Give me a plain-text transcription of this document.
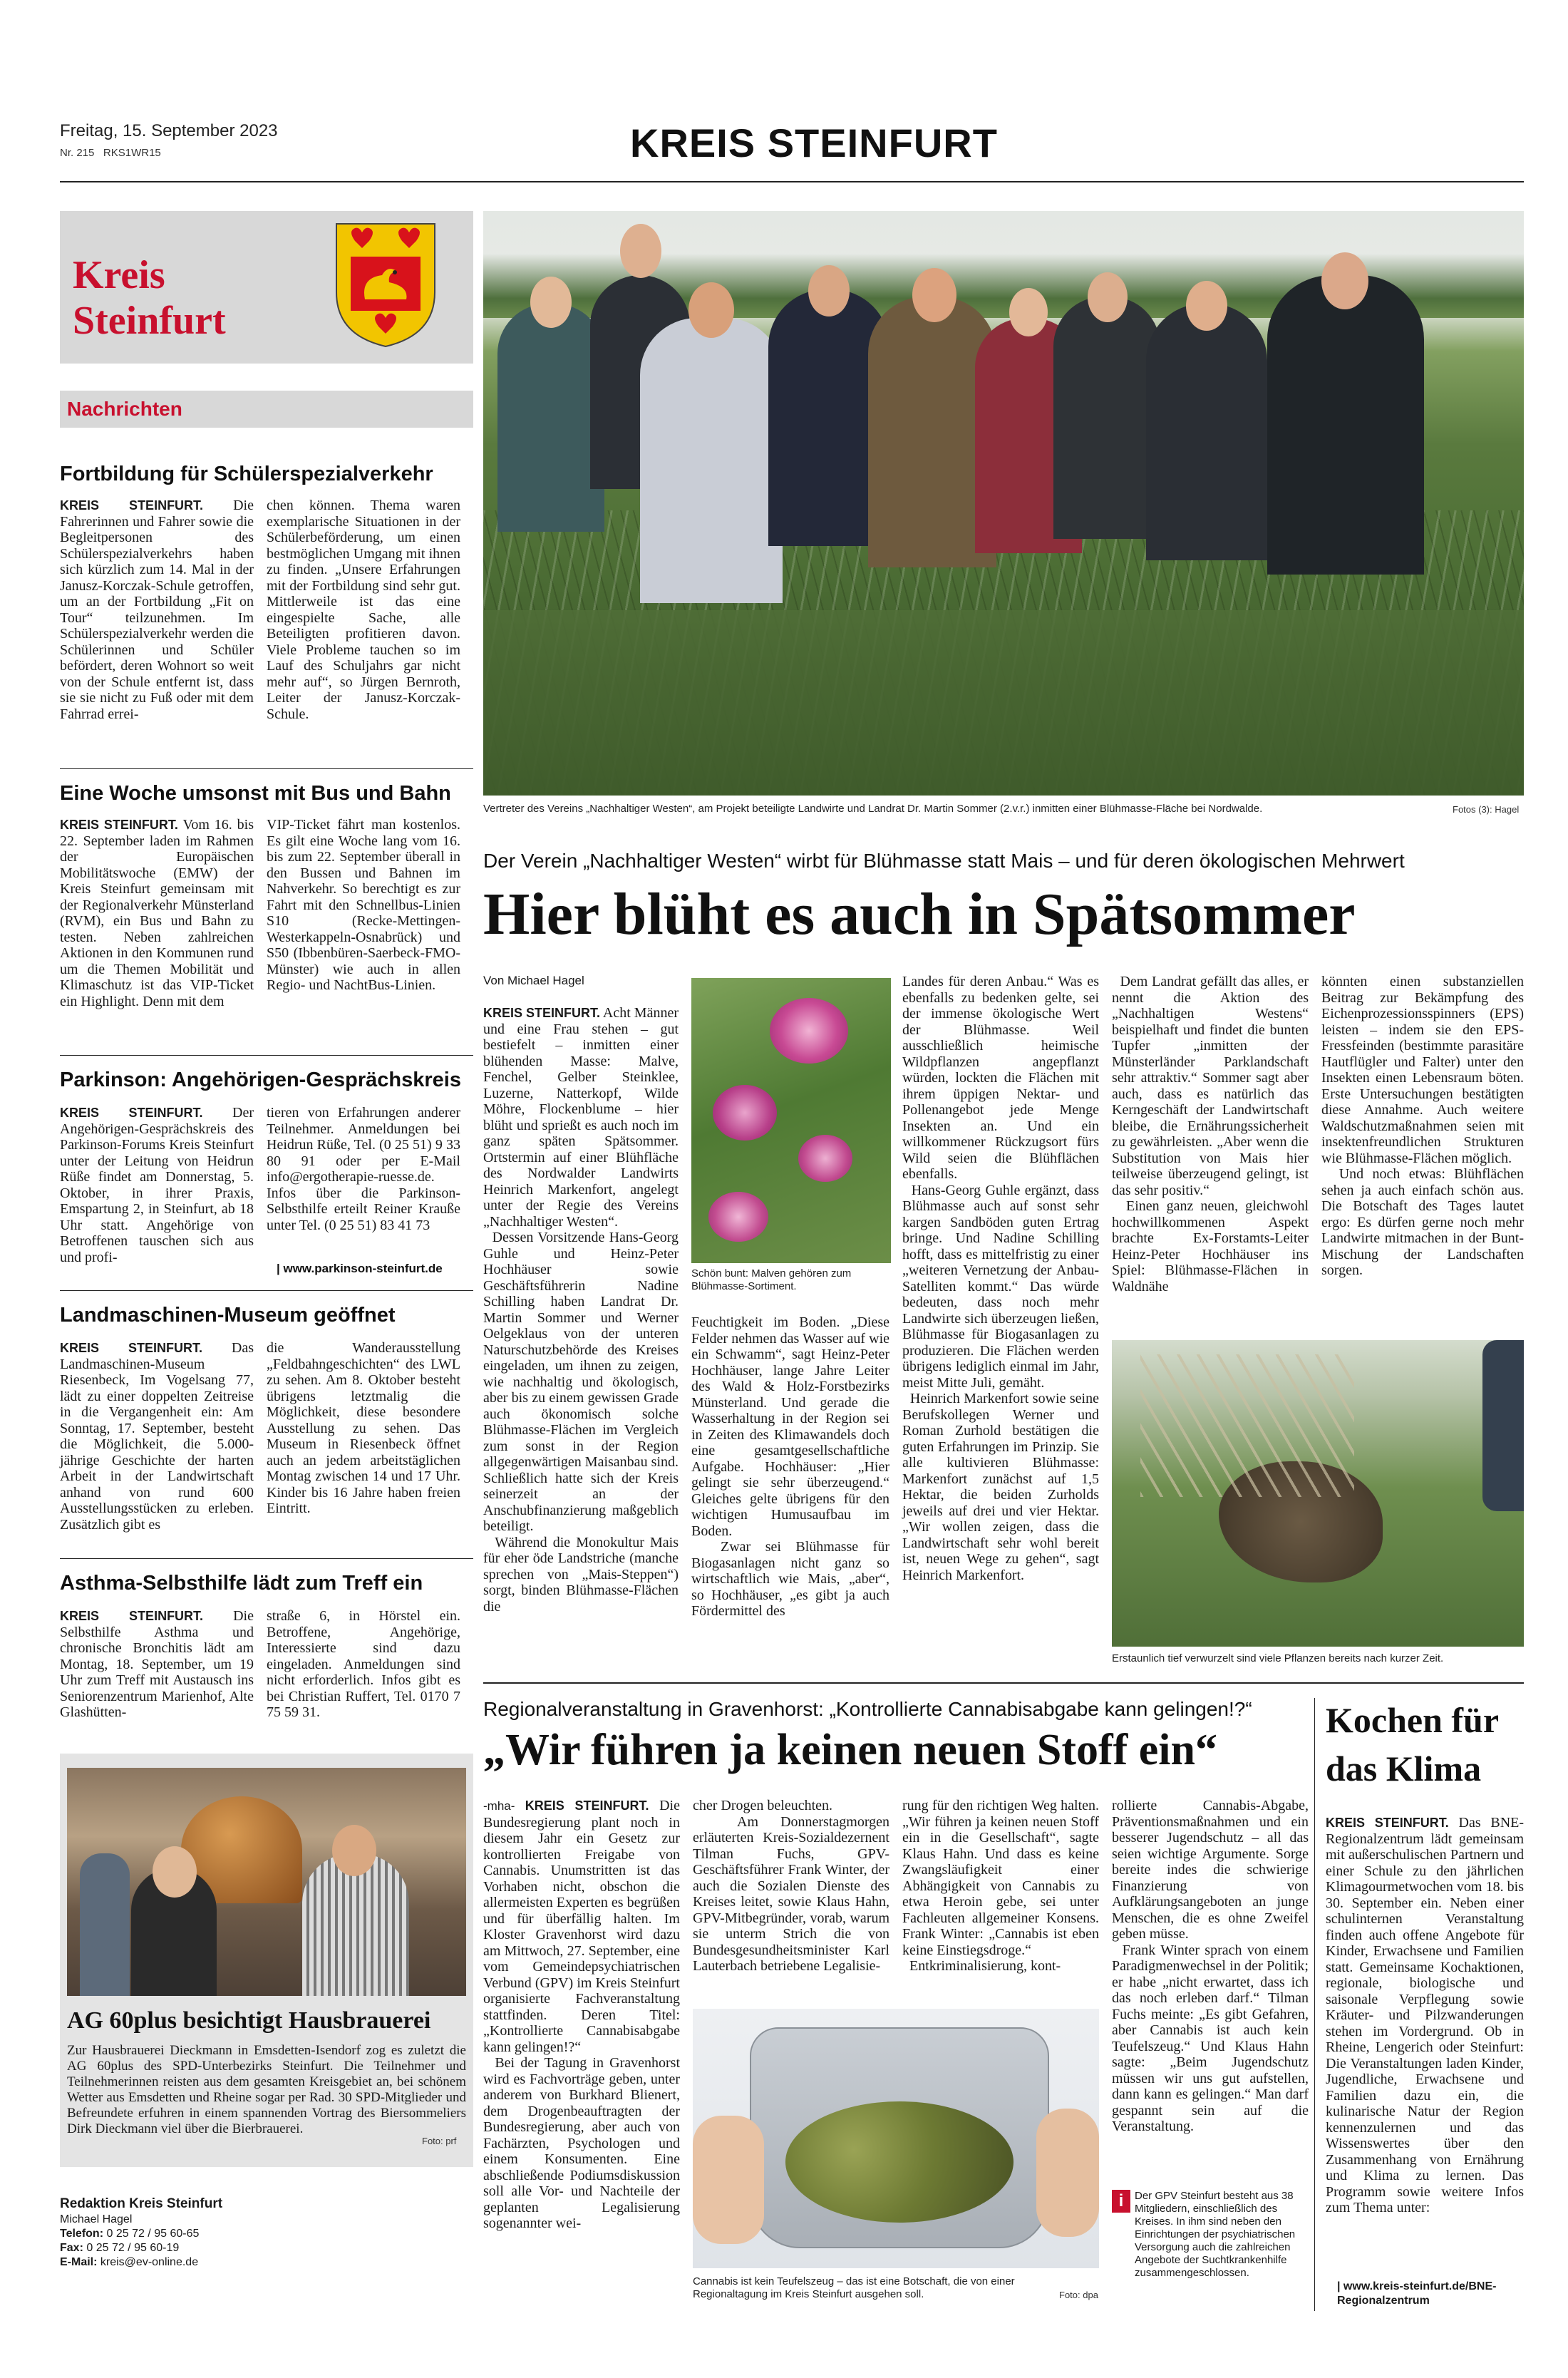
Freitag, 15. September 2023
Nr. 215 RKS1WR15	KREIS STEINFURT
Kreis
Steinfurt
Nachrichten
Fortbildung für Schülerspezialverkehr
KREIS STEINFURT. Die Fahrerinnen und Fahrer sowie die Begleitpersonen des Schülerspezialverkehrs haben sich kürzlich zum 14. Mal in der Janusz-Korczak-Schule getroffen, um an der Fortbildung „Fit on Tour“ teilzunehmen. Im Schülerspezialverkehr werden die Schülerinnen und Schüler befördert, deren Wohnort so weit von der Schule entfernt ist, dass sie sie nicht zu Fuß oder mit dem Fahrrad errei-
chen können. Thema waren exemplarische Situationen in der Schülerbeförderung, um einen bestmöglichen Umgang mit ihnen zu finden. „Unsere Erfahrungen mit der Fortbildung sind sehr gut. Mittlerweile ist das eine eingespielte Sache, alle Beteiligten profitieren davon. Viele Probleme tauchen so im Lauf des Schuljahrs gar nicht mehr auf“, so Jürgen Bernroth, Leiter der Janusz-Korczak-Schule.
Eine Woche umsonst mit Bus und Bahn
KREIS STEINFURT. Vom 16. bis 22. September laden im Rahmen der Europäischen Mobilitätswoche (EMW) der Kreis Steinfurt gemeinsam mit der Regionalverkehr Münsterland (RVM), ein Bus und Bahn zu testen. Neben zahlreichen Aktionen in den Kommunen rund um die Themen Mobilität und Klimaschutz ist das VIP-Ticket ein Highlight. Denn mit dem
VIP-Ticket fährt man kostenlos. Es gilt eine Woche lang vom 16. bis zum 22. September überall in den Bussen und Bahnen im Nahverkehr. So berechtigt es zur Fahrt mit den Schnellbus-Linien S10 (Recke-Mettingen-Westerkappeln-Osnabrück) und S50 (Ibbenbüren-Saerbeck-FMO-Münster) wie auch in allen Regio- und NachtBus-Linien.
Parkinson: Angehörigen-Gesprächskreis
KREIS STEINFURT. Der Angehörigen-Gesprächskreis des Parkinson-Forums Kreis Steinfurt unter der Leitung von Heidrun Rüße findet am Donnerstag, 5. Oktober, in ihrer Praxis, Emspartung 2, in Steinfurt, ab 18 Uhr statt. Angehörige von Betroffenen tauschen sich aus und profi-
tieren von Erfahrungen anderer Teilnehmer. Anmeldungen bei Heidrun Rüße, Tel. (0 25 51) 9 33 80 91 oder per E-Mail info@ergotherapie-ruesse.de. Infos über die Parkinson-Selbsthilfe erteilt Reiner Krauße unter Tel. (0 25 51) 83 41 73
| www.parkinson-steinfurt.de
Landmaschinen-Museum geöffnet
KREIS STEINFURT. Das Landmaschinen-Museum Riesenbeck, Im Vogelsang 77, lädt zu einer doppelten Zeitreise in die Vergangenheit ein: Am Sonntag, 17. September, besteht die Möglichkeit, die 5.000-jährige Geschichte der harten Arbeit in der Landwirtschaft anhand von rund 600 Ausstellungsstücken zu erleben. Zusätzlich gibt es
die Wanderausstellung „Feldbahngeschichten“ des LWL zu sehen. Am 8. Oktober besteht übrigens letztmalig die Möglichkeit, diese besondere Ausstellung zu sehen. Das Museum in Riesenbeck öffnet auch an jedem arbeitstäglichen Montag zwischen 14 und 17 Uhr. Kinder bis 16 Jahre haben freien Eintritt.
Asthma-Selbsthilfe lädt zum Treff ein
KREIS STEINFURT. Die Selbsthilfe Asthma und chronische Bronchitis lädt am Montag, 18. September, um 19 Uhr zum Treff mit Austausch ins Seniorenzentrum Marienhof, Alte Glashütten-
straße 6, in Hörstel ein. Betroffene, Angehörige, Interessierte sind dazu eingeladen. Anmeldungen sind nicht erforderlich. Infos gibt es bei Christian Ruffert, Tel. 0170 7 75 59 31.
AG 60plus besichtigt Hausbrauerei
Zur Hausbrauerei Dieckmann in Emsdetten-Isendorf zog es zuletzt die AG 60plus des SPD-Unterbezirks Steinfurt. Die Teilnehmer und Teilnehmerinnen reisten aus dem gesamten Kreisgebiet an, bei schönem Wetter aus Emsdetten und Rheine sogar per Rad. 30 SPD-Mitglieder und Befreundete erfuhren in einem spannenden Vortrag des Biersommeliers Dirk Dieckmann viel über die Bierbrauerei.
Foto: prf
Redaktion Kreis Steinfurt
Michael Hagel
Telefon: 0 25 72 / 95 60-65
Fax: 0 25 72 / 95 60-19
E-Mail: kreis@ev-online.de
Vertreter des Vereins „Nachhaltiger Westen“, am Projekt beteiligte Landwirte und Landrat Dr. Martin Sommer (2.v.r.) inmitten einer Blühmasse-Fläche bei Nordwalde.	Fotos (3): Hagel
Der Verein „Nachhaltiger Westen“ wirbt für Blühmasse statt Mais – und für deren ökologischen Mehrwert
Hier blüht es auch in Spätsommer
Von Michael Hagel
KREIS STEINFURT. Acht Männer und eine Frau stehen – gut bestiefelt – inmitten einer blühenden Masse: Malve, Fenchel, Gelber Steinklee, Luzerne, Natterkopf, Wilde Möhre, Flockenblume – hier blüht und sprießt es auch noch im ganz späten Spätsommer. Ortstermin auf einer Blühfläche des Nordwalder Landwirts Heinrich Markenfort, angelegt unter der Regie des Vereins „Nachhaltiger Westen“.
Dessen Vorsitzende Hans-Georg Guhle und Heinz-Peter Hochhäuser sowie Geschäftsführerin Nadine Schilling haben Landrat Dr. Martin Sommer und Werner Oelgeklaus von der unteren Naturschutzbehörde des Kreises eingeladen, um ihnen zu zeigen, wie nachhaltig und ökologisch, aber bis zu einem gewissen Grade auch ökonomisch solche Blühmasse-Flächen im Vergleich zum sonst in der Region allgegenwärtigen Maisanbau sind. Schließlich hatte sich der Kreis seinerzeit an der Anschubfinanzierung maßgeblich beteiligt.
Während die Monokultur Mais für eher öde Landstriche (manche sprechen von „Mais-Steppen“) sorgt, binden Blühmasse-Flächen die
Schön bunt: Malven gehören zum Blühmasse-Sortiment.
Feuchtigkeit im Boden. „Diese Felder nehmen das Wasser auf wie ein Schwamm“, sagt Heinz-Peter Hochhäuser, lange Jahre Leiter des Wald & Holz-Forstbezirks Münsterland. Und gerade die Wasserhaltung in der Region sei in Zeiten des Klimawandels doch eine gesamtgesellschaftliche Aufgabe. Hochhäuser: „Hier gelingt sie sehr überzeugend.“ Gleiches gelte übrigens für den wichtigen Humusaufbau im Boden.
Zwar sei Blühmasse für Biogasanlagen nicht ganz so wirtschaftlich wie Mais, „aber“, so Hochhäuser, „es gibt ja auch Fördermittel des
Landes für deren Anbau.“ Was es ebenfalls zu bedenken gelte, sei der immense ökologische Wert der Blühmasse. Weil ausschließlich heimische Wildpflanzen angepflanzt würden, lockten die Flächen mit ihrem üppigen Nektar- und Pollenangebot jede Menge Insekten an. Und ein willkommener Rückzugsort fürs Wild seien die Blühflächen ebenfalls.
Hans-Georg Guhle ergänzt, dass Blühmasse auch auf sonst sehr kargen Sandböden guten Ertrag bringe. Und Nadine Schilling hofft, dass es mittelfristig zu einer „weiteren Vernetzung der Anbau-Satelliten kommt.“ Das würde bedeuten, dass noch mehr Landwirte sich überzeugen ließen, Blühmasse für Biogasanlagen zu produzieren. Die Flächen werden übrigens lediglich einmal im Jahr, meist Mitte Juli, gemäht.
Heinrich Markenfort sowie seine Berufskollegen Werner und Roman Zurhold bestätigen die guten Erfahrungen im Prinzip. Sie alle kultivieren Blühmasse: Markenfort zunächst auf 1,5 Hektar, die beiden Zurholds jeweils auf drei und vier Hektar. „Wir wollen zeigen, dass die Landwirtschaft sehr wohl bereit ist, neuen Wege zu gehen“, sagt Heinrich Markenfort.
Dem Landrat gefällt das alles, er nennt die Aktion des „Nachhaltigen Westens“ beispielhaft und findet die bunten Tupfer „inmitten der Münsterländer Parklandschaft sehr attraktiv.“ Sommer sagt aber auch, dass es natürlich das Kerngeschäft der Landwirtschaft bleibe, die Ernährungssicherheit zu gewährleisten. „Aber wenn die Substitution von Mais hier teilweise überzeugend gelingt, ist das sehr positiv.“
Einen ganz neuen, gleichwohl hochwillkommenen Aspekt brachte Ex-Forstamts-Leiter Heinz-Peter Hochhäuser ins Spiel: Blühmasse-Flächen in Waldnähe
könnten einen substanziellen Beitrag zur Bekämpfung des Eichenprozessionsspinners (EPS) leisten – indem sie den EPS-Fressfeinden (bestimmte parasitäre Hautflügler und Falter) unter den Insekten einen Lebensraum böten. Erste Untersuchungen bestätigten diese Annahme. Auch weitere Waldschutzmaßnahmen seien mit insektenfreundlichen Strukturen wie Blühmasse-Flächen möglich.
Und noch etwas: Blühflächen sehen ja auch einfach schön aus. Die Botschaft des Tages lautet ergo: Es dürfen gerne noch mehr Landwirte mitmachen in der Bunt-Mischung der Landschaften sorgen.
Erstaunlich tief verwurzelt sind viele Pflanzen bereits nach kurzer Zeit.
Regionalveranstaltung in Gravenhorst: „Kontrollierte Cannabisabgabe kann gelingen!?“
„Wir führen ja keinen neuen Stoff ein“
-mha- KREIS STEINFURT. Die Bundesregierung plant noch in diesem Jahr ein Gesetz zur kontrollierten Freigabe von Cannabis. Unumstritten ist das Vorhaben nicht, obschon die allermeisten Experten es begrüßen und für überfällig halten. Im Kloster Gravenhorst wird dazu am Mittwoch, 27. September, eine vom Gemeindepsychiatrischen Verbund (GPV) im Kreis Steinfurt organisierte Fachveranstaltung stattfinden. Deren Titel: „Kontrollierte Cannabisabgabe kann gelingen!?“
Bei der Tagung in Gravenhorst wird es Fachvorträge geben, unter anderem von Burkhard Blienert, dem Drogenbeauftragten der Bundesregierung, aber auch von Fachärzten, Psychologen und einem Konsumenten. Eine abschließende Podiumsdiskussion soll alle Vor- und Nachteile der geplanten Legalisierung sogenannter wei-
cher Drogen beleuchten.
Am Donnerstagmorgen erläuterten Kreis-Sozialdezernent Tilman Fuchs, GPV-Geschäftsführer Frank Winter, der auch die Sozialen Dienste des Kreises leitet, sowie Klaus Hahn, GPV-Mitbegründer, vorab, warum sie unterm Strich die von Bundesgesundheitsminister Karl Lauterbach betriebene Legalisie-
rung für den richtigen Weg halten. „Wir führen ja keinen neuen Stoff ein in die Gesellschaft“, sagte Klaus Hahn. Und dass es keine Zwangsläufigkeit einer Abhängigkeit von Cannabis zu etwa Heroin gebe, sei unter Fachleuten allgemeiner Konsens. Frank Winter: „Cannabis ist eben keine Einstiegsdroge.“
Entkriminalisierung, kont-
Cannabis ist kein Teufelszeug – das ist eine Botschaft, die von einer Regionaltagung im Kreis Steinfurt ausgehen soll.	Foto: dpa
rollierte Cannabis-Abgabe, Präventionsmaßnahmen und ein besserer Jugendschutz – all das seien wichtige Argumente. Sorge bereite indes die schwierige Finanzierung von Aufklärungsangeboten an junge Menschen, die es ohne Zweifel geben müsse.
Frank Winter sprach von einem Paradigmenwechsel in der Politik; er habe „nicht erwartet, dass ich das noch erleben darf.“ Tilman Fuchs meinte: „Es gibt Gefahren, aber Cannabis ist auch kein Teufelszeug.“ Und Klaus Hahn sagte: „Beim Jugendschutz müssen wir uns gut aufstellen, dann kann es gelingen.“ Man darf gespannt sein auf die Veranstaltung.
i	Der GPV Steinfurt besteht aus 38 Mitgliedern, einschließlich des Kreises. In ihm sind neben den Einrichtungen der psychiatrischen Versorgung auch die zahlreichen Angebote der Suchtkrankenhilfe zusammengeschlossen.
Kochen für
das Klima
KREIS STEINFURT. Das BNE-Regionalzentrum lädt gemeinsam mit außerschulischen Partnern und einer Schule zu den jährlichen Klimagourmetwochen vom 18. bis 30. September ein. Neben einer schulinternen Veranstaltung finden auch offene Angebote für Kinder, Erwachsene und Familien statt. Gemeinsame Kochaktionen, regionale, biologische und saisonale Verpflegung sowie Kräuter- und Pilzwanderungen stehen im Vordergrund. Ob in Rheine, Lengerich oder Steinfurt: Die Veranstaltungen laden Kinder, Jugendliche, Erwachsene und Familien dazu ein, die kulinarische Natur der Region kennenzulernen und das Wissenswertes über den Zusammenhang von Ernährung und Klima zu lernen. Das Programm sowie weitere Infos zum Thema unter:
| www.kreis-steinfurt.de/BNE-Regionalzentrum
